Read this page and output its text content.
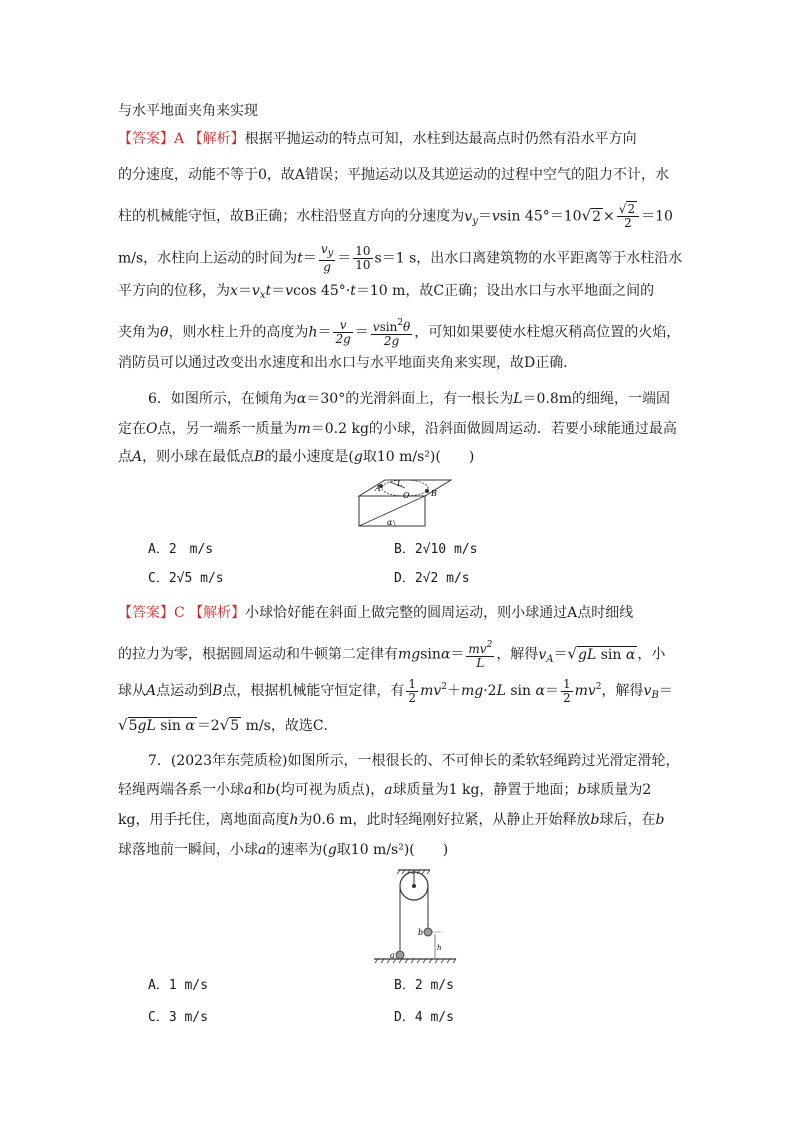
与水平地面夹角来实现
【答案】A 【解析】根据平抛运动的特点可知，水柱到达最高点时仍然有沿水平方向
的分速度，动能不等于0，故A错误；平抛运动以及其逆运动的过程中空气的阻力不计，水
柱的机械能守恒，故B正确；水柱沿竖直方向的分速度为$v_y=vsin$ $45^\circ=10√2 \times \frac{√2}{2} =10$
m/s，水柱向上运动的时间为$t= \frac{v_y}{g} = \frac{10}{10} s=1$ s，出水口离建筑物的水平距离等于水柱沿水
平方向的位移，为$x=v_xt=vcos$ 45°·t＝10 m，故C正确；设出水口与水平地面之间的
夹角为θ，则水柱上升的高度为$h= \frac{v}{2g} = \frac{vsin^2\theta}{2g}$ ，可知如果要使水柱熄灭稍高位置的火焰，
消防员可以通过改变出水速度和出水口与水平地面夹角来实现，故D正确．
6．如图所示，在倾角为α＝30°的光滑斜面上，有一根长为L＝0.8m的细绳，一端固
定在O点，另一端系一质量为m＝0.2 kg的小球，沿斜面做圆周运动．若要小球能通过最高
点A，则小球在最低点B的最小速度是(g取10 m/s²)(　　)
A
B
L
O
α
A．2　m/s	B．2√10 m/s
C．2√5 m/s	D．2√2 m/s
【答案】C 【解析】小球恰好能在斜面上做完整的圆周运动，则小球通过A点时细线
的拉力为零，根据圆周运动和牛顿第二定律有$mgsin\alpha= \frac{mv^2}{L}$ ，解得$v_A=√gL$ sin α ，小
球从A点运动到B点，根据机械能守恒定律，有 $\frac{1}{2} mv^2+mg\cdot 2L$ $\sin \alpha= \frac{1}{2} mv^2$，解得$v_B=$
√5gL sin α ＝2√5 m/s，故选C．
7．(2023年东莞质检)如图所示，一根很长的、不可伸长的柔软轻绳跨过光滑定滑轮，
轻绳两端各系一小球a和b(均可视为质点)，a球质量为1 kg，静置于地面；b球质量为2
kg，用手托住，离地面高度h为0.6 m，此时轻绳刚好拉紧，从静止开始释放b球后，在b
球落地前一瞬间，小球a的速率为(g取10 m/s²)(　　)
a
b
h
A．1 m/s	B．2 m/s
C．3 m/s	D．4 m/s
